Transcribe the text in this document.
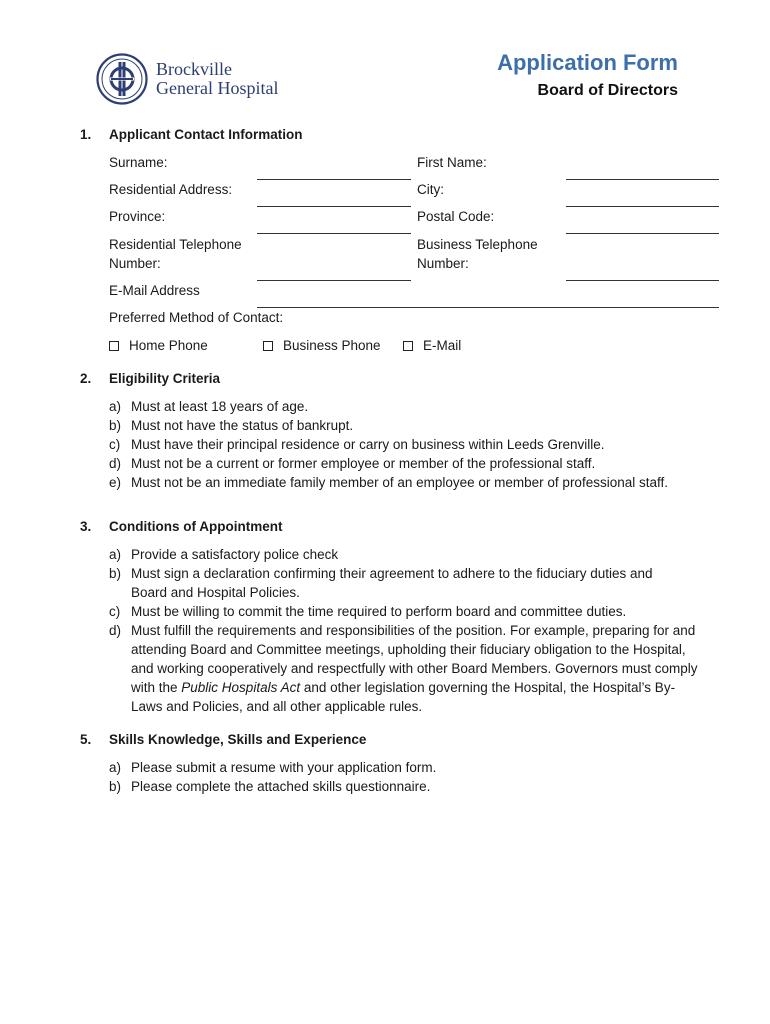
Brockville
General Hospital
Application Form
Board of Directors
1. Applicant Contact Information
Surname:	First Name:
Residential Address:	City:
Province:	Postal Code:
Residential Telephone
Number:
Business Telephone
Number:
E-Mail Address
Preferred Method of Contact:
Home Phone	Business Phone	E-Mail
2. Eligibility Criteria
a) Must at least 18 years of age.
b) Must not have the status of bankrupt.
c) Must have their principal residence or carry on business within Leeds Grenville.
d) Must not be a current or former employee or member of the professional staff.
e) Must not be an immediate family member of an employee or member of professional staff.
3. Conditions of Appointment
a) Provide a satisfactory police check
b) Must sign a declaration confirming their agreement to adhere to the fiduciary duties and Board and Hospital Policies.
c) Must be willing to commit the time required to perform board and committee duties.
d) Must fulfill the requirements and responsibilities of the position. For example, preparing for and attending Board and Committee meetings, upholding their fiduciary obligation to the Hospital, and working cooperatively and respectfully with other Board Members. Governors must comply with the Public Hospitals Act and other legislation governing the Hospital, the Hospital’s By-Laws and Policies, and all other applicable rules.
5. Skills Knowledge, Skills and Experience
a) Please submit a resume with your application form.
b) Please complete the attached skills questionnaire.
